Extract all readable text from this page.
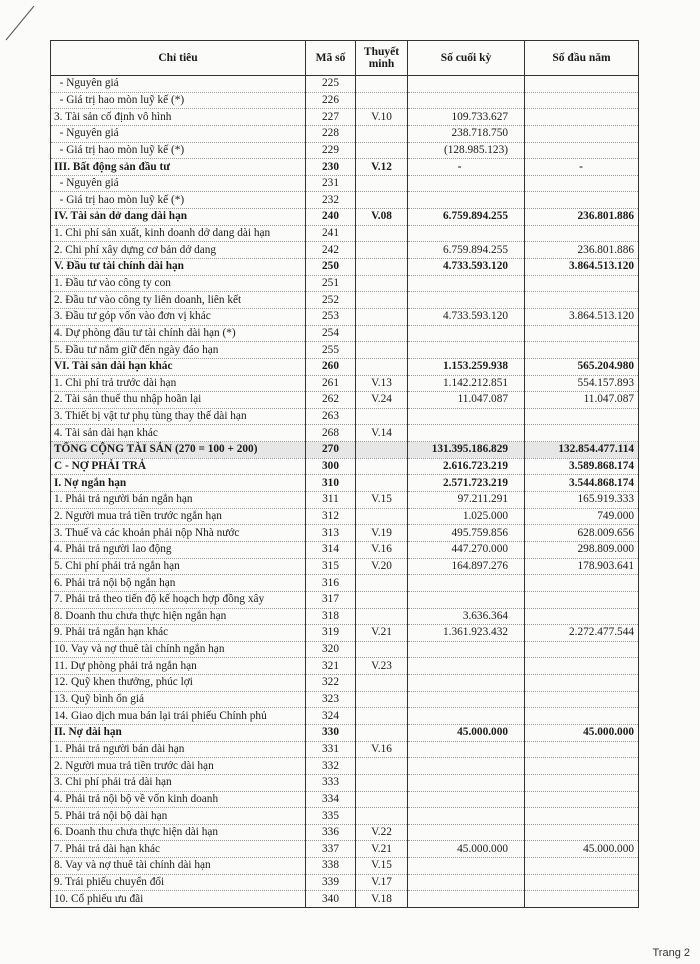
Chỉ tiêu	Mã số	Thuyết minh	Số cuối kỳ	Số đầu năm
- Nguyên giá	225			
- Giá trị hao mòn luỹ kế (*)	226			
3. Tài sản cố định vô hình	227	V.10	109.733.627	
- Nguyên giá	228		238.718.750	
- Giá trị hao mòn luỹ kế (*)	229		(128.985.123)	
III. Bất động sản đầu tư	230	V.12	-	-
- Nguyên giá	231			
- Giá trị hao mòn luỹ kế (*)	232			
IV. Tài sản dở dang dài hạn	240	V.08	6.759.894.255	236.801.886
1. Chi phí sản xuất, kinh doanh dở dang dài hạn	241			
2. Chi phí xây dựng cơ bản dở dang	242		6.759.894.255	236.801.886
V. Đầu tư tài chính dài hạn	250		4.733.593.120	3.864.513.120
1. Đầu tư vào công ty con	251			
2. Đầu tư vào công ty liên doanh, liên kết	252			
3. Đầu tư góp vốn vào đơn vị khác	253		4.733.593.120	3.864.513.120
4. Dự phòng đầu tư tài chính dài hạn (*)	254			
5. Đầu tư nắm giữ đến ngày đáo hạn	255			
VI. Tài sản dài hạn khác	260		1.153.259.938	565.204.980
1. Chi phí trả trước dài hạn	261	V.13	1.142.212.851	554.157.893
2. Tài sản thuế thu nhập hoãn lại	262	V.24	11.047.087	11.047.087
3. Thiết bị vật tư phụ tùng thay thế dài hạn	263			
4. Tài sản dài hạn khác	268	V.14		
TỔNG CỘNG TÀI SẢN (270 = 100 + 200)	270		131.395.186.829	132.854.477.114
C - NỢ PHẢI TRẢ	300		2.616.723.219	3.589.868.174
I. Nợ ngắn hạn	310		2.571.723.219	3.544.868.174
1. Phải trả người bán ngắn hạn	311	V.15	97.211.291	165.919.333
2. Người mua trả tiền trước ngắn hạn	312		1.025.000	749.000
3. Thuế và các khoản phải nộp Nhà nước	313	V.19	495.759.856	628.009.656
4. Phải trả người lao động	314	V.16	447.270.000	298.809.000
5. Chi phí phải trả ngắn hạn	315	V.20	164.897.276	178.903.641
6. Phải trả nội bộ ngắn hạn	316			
7. Phải trả theo tiến độ kế hoạch hợp đồng xây	317			
8. Doanh thu chưa thực hiện ngắn hạn	318		3.636.364	
9. Phải trả ngắn hạn khác	319	V.21	1.361.923.432	2.272.477.544
10. Vay và nợ thuê tài chính ngắn hạn	320			
11. Dự phòng phải trả ngắn hạn	321	V.23		
12. Quỹ khen thưởng, phúc lợi	322			
13. Quỹ bình ổn giá	323			
14. Giao dịch mua bán lại trái phiếu Chính phủ	324			
II. Nợ dài hạn	330		45.000.000	45.000.000
1. Phải trả người bán dài hạn	331	V.16		
2. Người mua trả tiền trước dài hạn	332			
3. Chi phí phải trả dài hạn	333			
4. Phải trả nội bộ về vốn kinh doanh	334			
5. Phải trả nội bộ dài hạn	335			
6. Doanh thu chưa thực hiện dài hạn	336	V.22		
7. Phải trả dài hạn khác	337	V.21	45.000.000	45.000.000
8. Vay và nợ thuê tài chính dài hạn	338	V.15		
9. Trái phiếu chuyển đổi	339	V.17		
10. Cổ phiếu ưu đãi	340	V.18		
Trang 2
